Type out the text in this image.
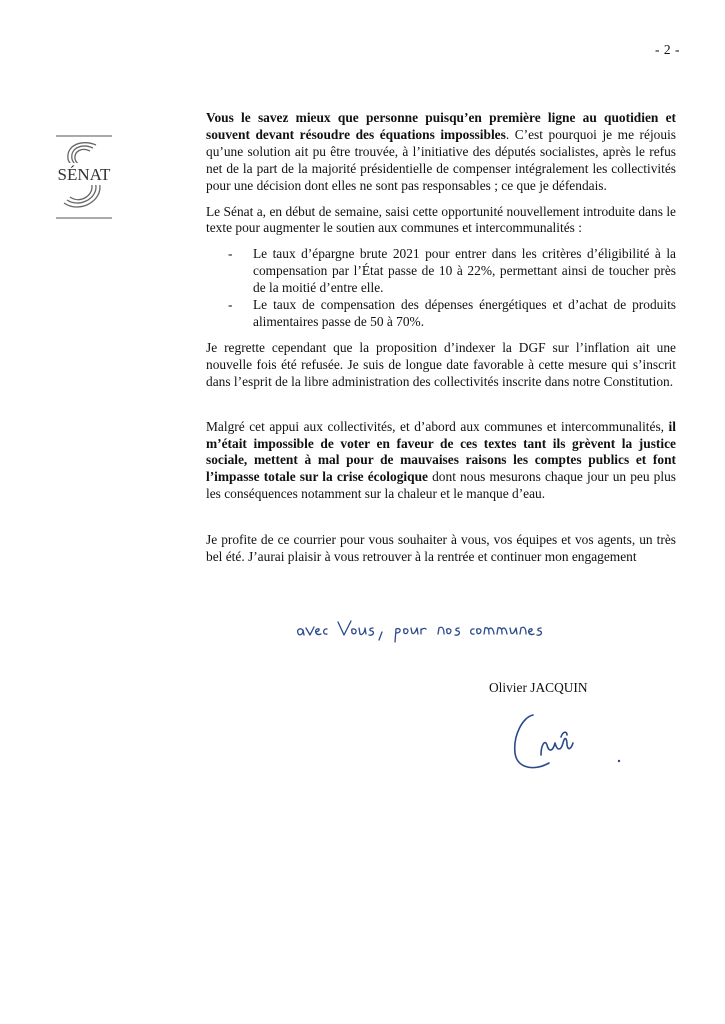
- 2 -
SÉNAT

Vous le savez mieux que personne puisqu’en première ligne au quotidien et souvent devant résoudre des équations impossibles. C’est pourquoi je me réjouis qu’une solution ait pu être trouvée, à l’initiative des députés socialistes, après le refus net de la part de la majorité présidentielle de compenser intégralement les collectivités pour une décision dont elles ne sont pas responsables ; ce que je défendais.

Le Sénat a, en début de semaine, saisi cette opportunité nouvellement introduite dans le texte pour augmenter le soutien aux communes et intercommunalités :

- Le taux d’épargne brute 2021 pour entrer dans les critères d’éligibilité à la compensation par l’État passe de 10 à 22%, permettant ainsi de toucher près de la moitié d’entre elle.
- Le taux de compensation des dépenses énergétiques et d’achat de produits alimentaires passe de 50 à 70%.

Je regrette cependant que la proposition d’indexer la DGF sur l’inflation ait une nouvelle fois été refusée. Je suis de longue date favorable à cette mesure qui s’inscrit dans l’esprit de la libre administration des collectivités inscrite dans notre Constitution.

Malgré cet appui aux collectivités, et d’abord aux communes et intercommunalités, il m’était impossible de voter en faveur de ces textes tant ils grèvent la justice sociale, mettent à mal pour de mauvaises raisons les comptes publics et font l’impasse totale sur la crise écologique dont nous mesurons chaque jour un peu plus les conséquences notamment sur la chaleur et le manque d’eau.

Je profite de ce courrier pour vous souhaiter à vous, vos équipes et vos agents, un très bel été. J’aurai plaisir à vous retrouver à la rentrée et continuer mon engagement

Olivier JACQUIN
